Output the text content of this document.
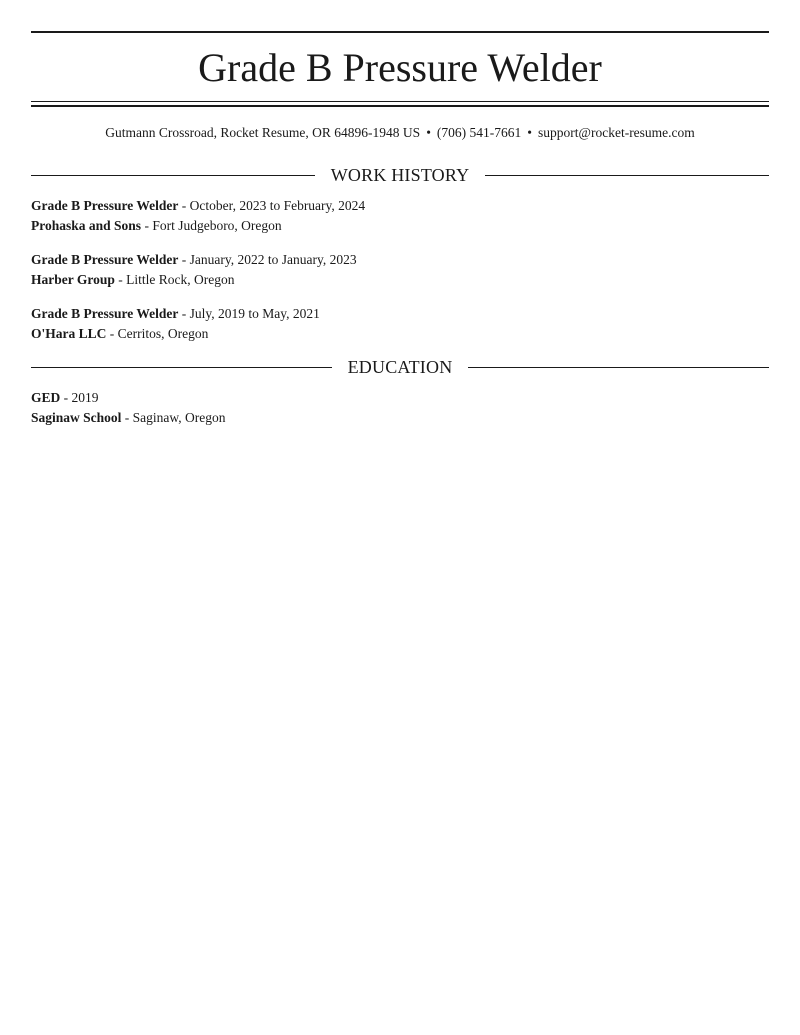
Grade B Pressure Welder
Gutmann Crossroad, Rocket Resume, OR 64896-1948 US • (706) 541-7661 • support@rocket-resume.com
WORK HISTORY
Grade B Pressure Welder - October, 2023 to February, 2024
Prohaska and Sons - Fort Judgeboro, Oregon
Grade B Pressure Welder - January, 2022 to January, 2023
Harber Group - Little Rock, Oregon
Grade B Pressure Welder - July, 2019 to May, 2021
O'Hara LLC - Cerritos, Oregon
EDUCATION
GED - 2019
Saginaw School - Saginaw, Oregon
